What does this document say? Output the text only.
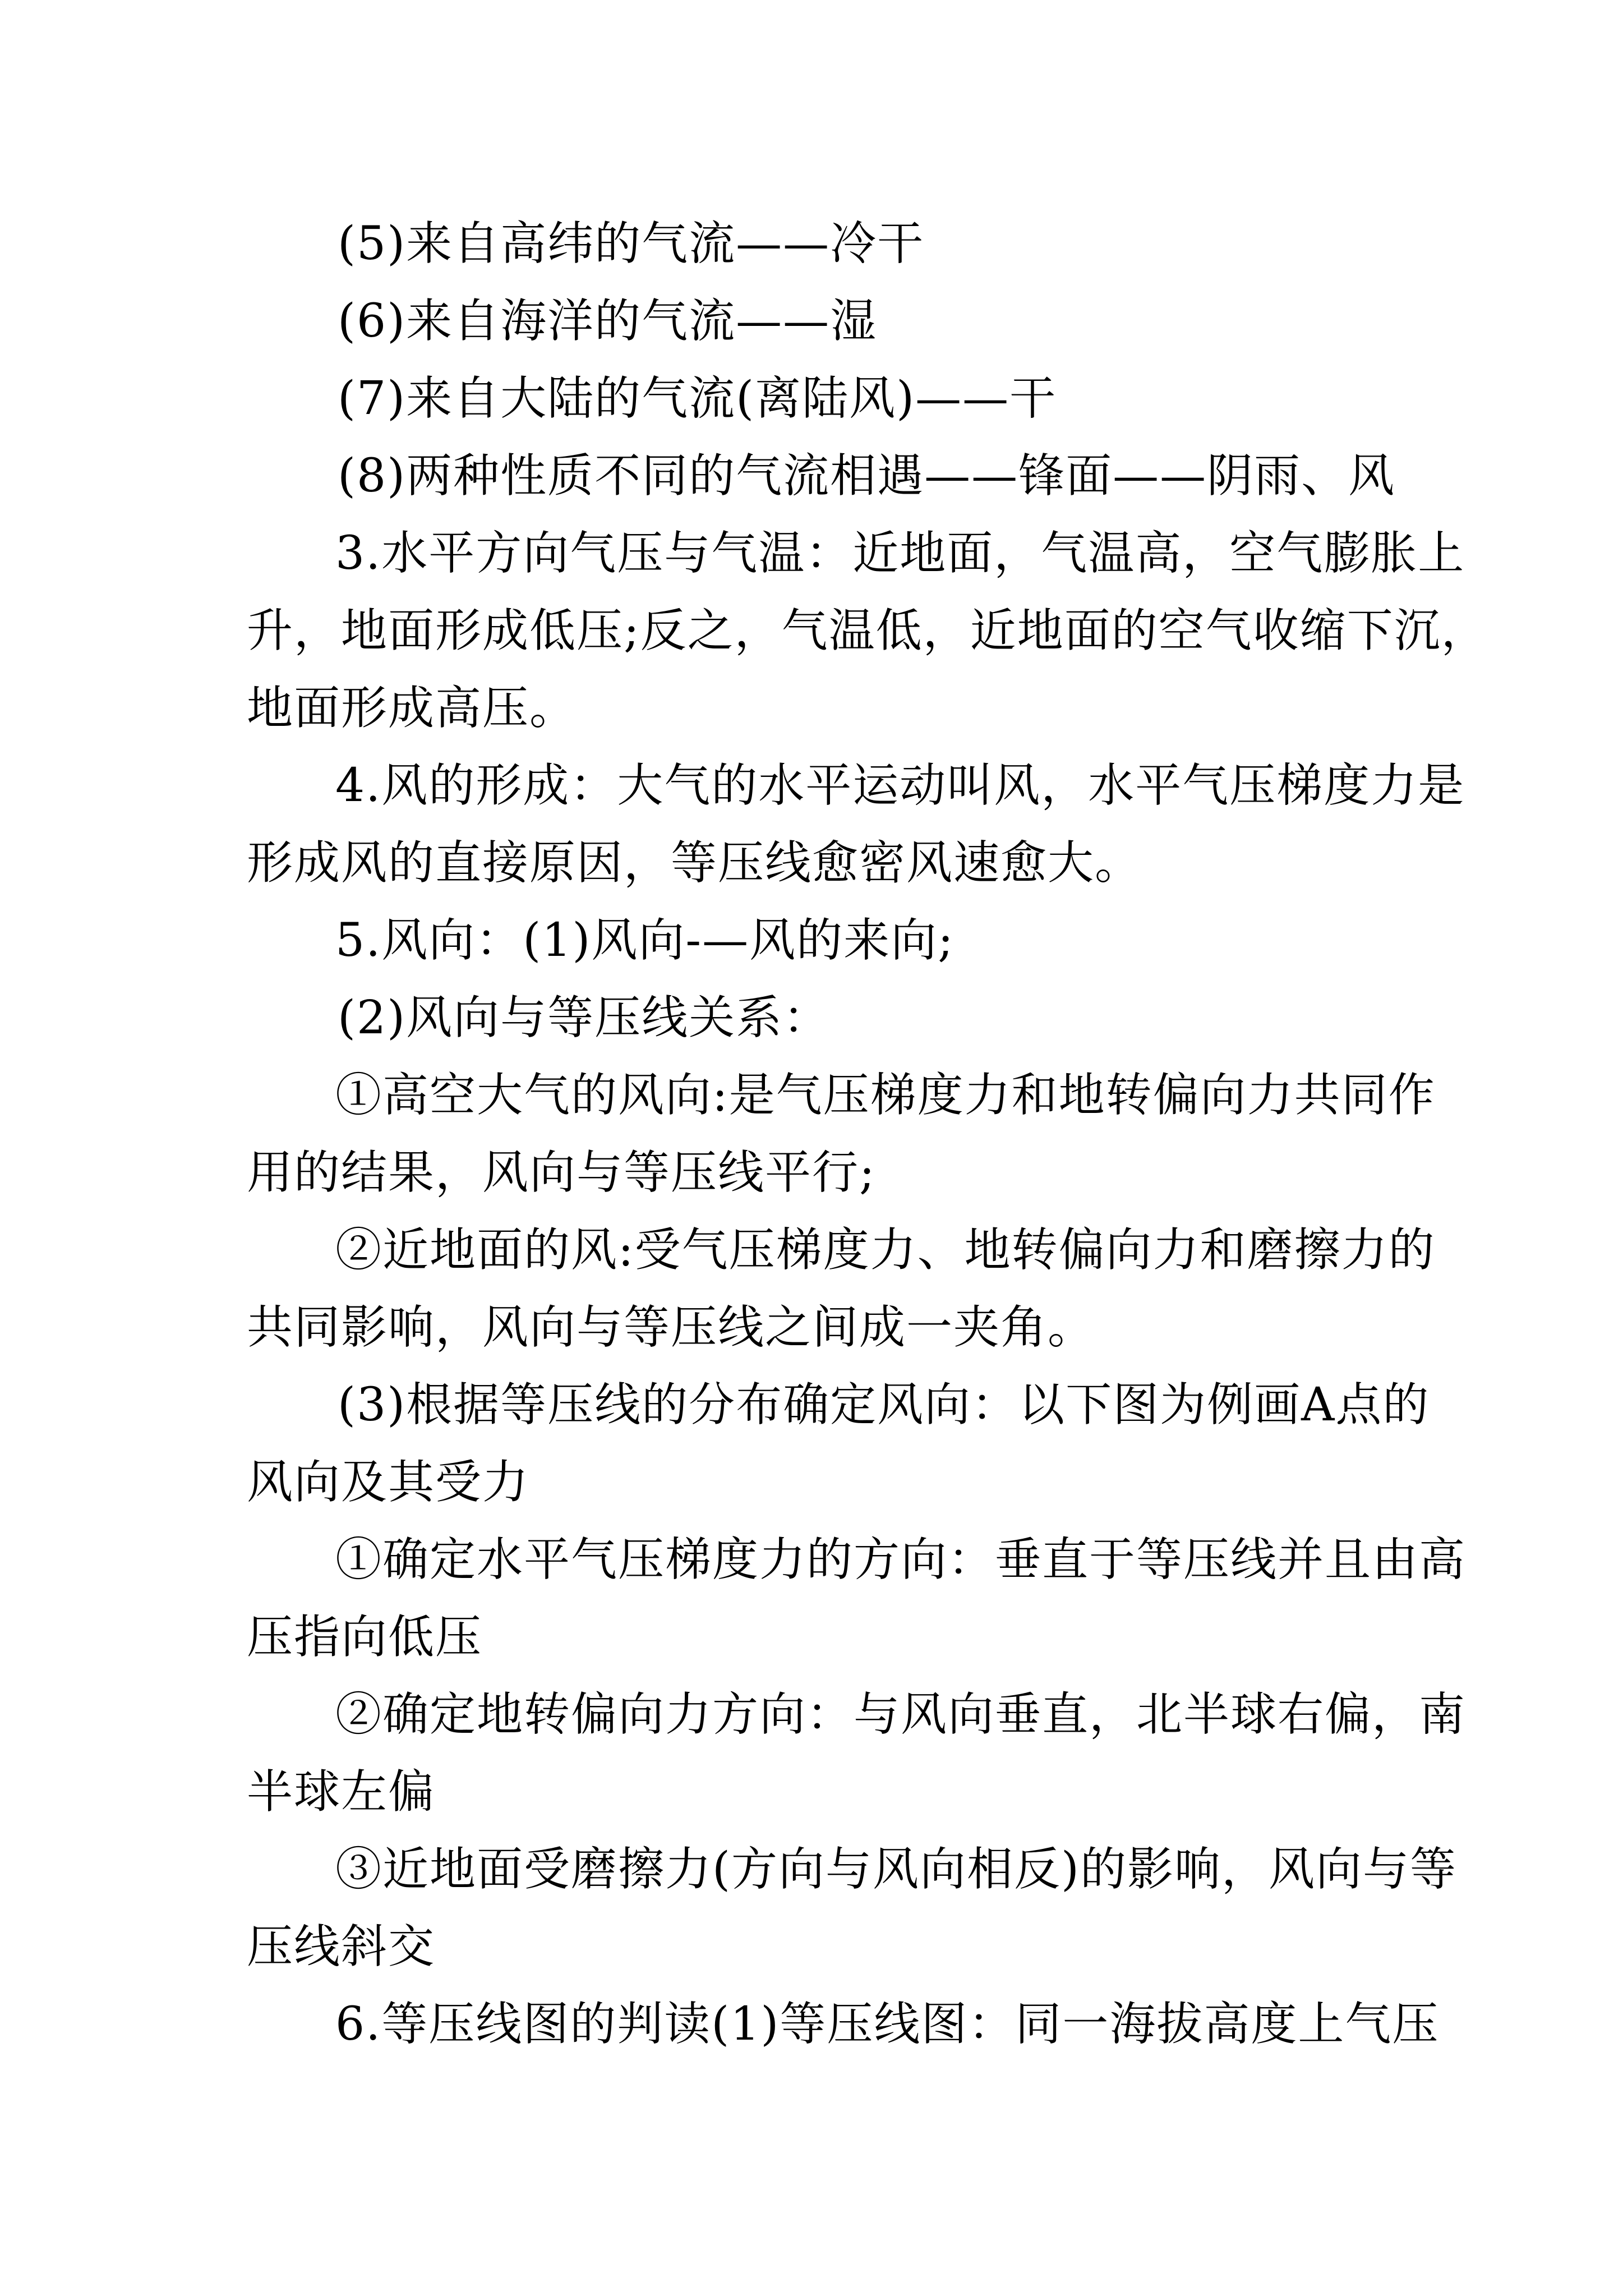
(5)来自高纬的气流——冷干
(6)来自海洋的气流——湿
(7)来自大陆的气流(离陆风)——干
(8)两种性质不同的气流相遇——锋面——阴雨、风
3.水平方向气压与气温：近地面，气温高，空气膨胀上
升，地面形成低压;反之，气温低，近地面的空气收缩下沉，
地面形成高压。
4.风的形成：大气的水平运动叫风，水平气压梯度力是
形成风的直接原因，等压线愈密风速愈大。
5.风向：(1)风向-—风的来向;
(2)风向与等压线关系：
①高空大气的风向:是气压梯度力和地转偏向力共同作
用的结果，风向与等压线平行;
②近地面的风:受气压梯度力、地转偏向力和磨擦力的
共同影响，风向与等压线之间成一夹角。
(3)根据等压线的分布确定风向：以下图为例画A点的
风向及其受力
①确定水平气压梯度力的方向：垂直于等压线并且由高
压指向低压
②确定地转偏向力方向：与风向垂直，北半球右偏，南
半球左偏
③近地面受磨擦力(方向与风向相反)的影响，风向与等
压线斜交
6.等压线图的判读(1)等压线图：同一海拔高度上气压
